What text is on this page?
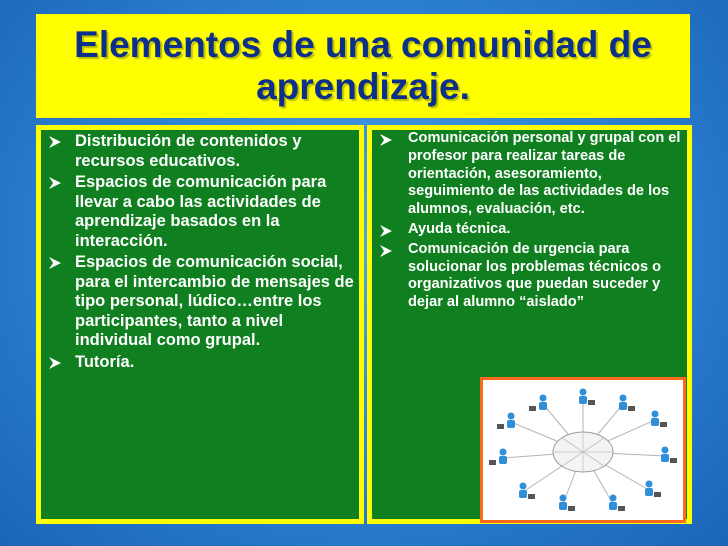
Elementos de una comunidad de aprendizaje.
Distribución de contenidos y recursos educativos.
Espacios de comunicación para llevar a cabo las actividades de aprendizaje basados en la interacción.
Espacios de comunicación social, para el intercambio de mensajes de tipo personal, lúdico…entre los participantes, tanto a nivel individual como grupal.
Tutoría.
Comunicación personal y grupal con el profesor para realizar tareas de orientación, asesoramiento, seguimiento de las actividades de los alumnos, evaluación, etc.
Ayuda técnica.
Comunicación de urgencia para solucionar los problemas técnicos o organizativos que puedan suceder y dejar al alumno “aislado”
